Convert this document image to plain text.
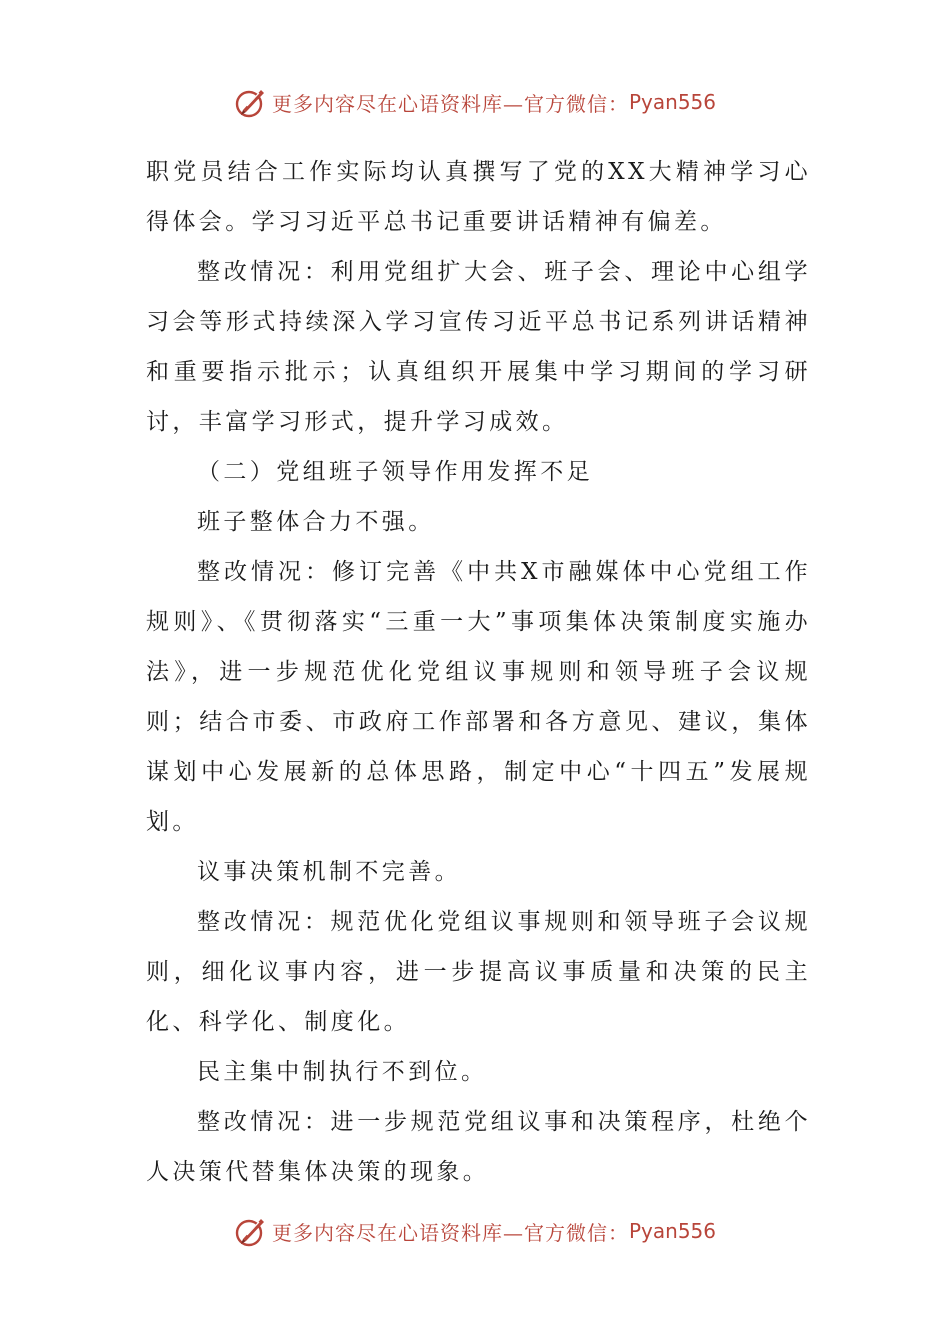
更多内容尽在心语资料库—官方微信： Pyan556

职党员结合工作实际均认真撰写了党的XX大精神学习心得体会。学习习近平总书记重要讲话精神有偏差。

整改情况：利用党组扩大会、班子会、理论中心组学习会等形式持续深入学习宣传习近平总书记系列讲话精神和重要指示批示；认真组织开展集中学习期间的学习研讨，丰富学习形式，提升学习成效。

（二）党组班子领导作用发挥不足

班子整体合力不强。

整改情况：修订完善《中共X市融媒体中心党组工作规则》、《贯彻落实“三重一大”事项集体决策制度实施办法》，进一步规范优化党组议事规则和领导班子会议规则；结合市委、市政府工作部署和各方意见、建议，集体谋划中心发展新的总体思路，制定中心“十四五”发展规划。

议事决策机制不完善。

整改情况：规范优化党组议事规则和领导班子会议规则，细化议事内容，进一步提高议事质量和决策的民主化、科学化、制度化。

民主集中制执行不到位。

整改情况：进一步规范党组议事和决策程序，杜绝个人决策代替集体决策的现象。

更多内容尽在心语资料库—官方微信： Pyan556
